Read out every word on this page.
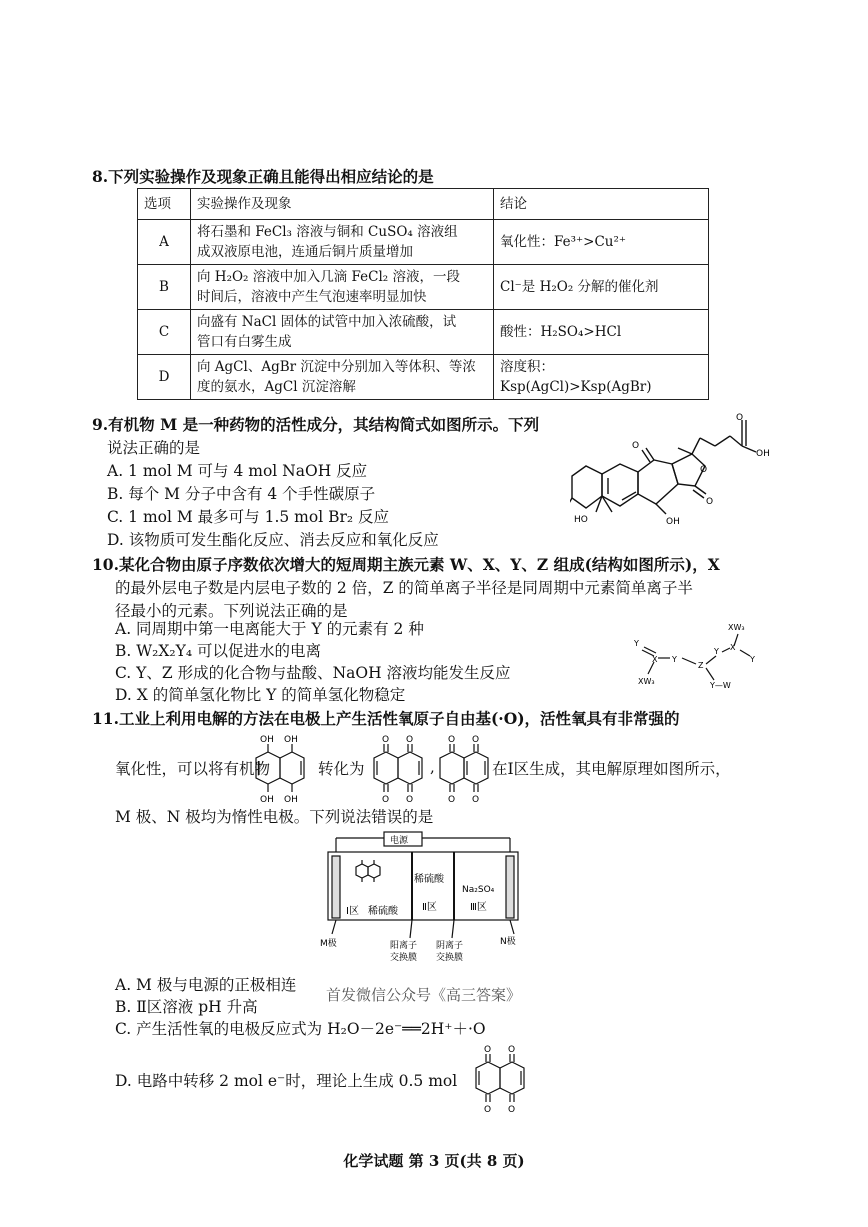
8.下列实验操作及现象正确且能得出相应结论的是
选项	实验操作及现象	结论
A	将石墨和 FeCl₃ 溶液与铜和 CuSO₄ 溶液组
成双液原电池，连通后铜片质量增加	氧化性：Fe³⁺>Cu²⁺
B	向 H₂O₂ 溶液中加入几滴 FeCl₂ 溶液，一段
时间后，溶液中产生气泡速率明显加快	Cl⁻是 H₂O₂ 分解的催化剂
C	向盛有 NaCl 固体的试管中加入浓硫酸，试
管口有白雾生成	酸性：H₂SO₄>HCl
D	向 AgCl、AgBr 沉淀中分别加入等体积、等浓
度的氨水，AgCl 沉淀溶解	溶度积：Ksp(AgCl)>Ksp(AgBr)
9.有机物 M 是一种药物的活性成分，其结构简式如图所示。下列
说法正确的是
A. 1 mol M 可与 4 mol NaOH 反应
B. 每个 M 分子中含有 4 个手性碳原子
C. 1 mol M 最多可与 1.5 mol Br₂ 反应
D. 该物质可发生酯化反应、消去反应和氧化反应
O
OH
O
O
O
HO	OH
10.某化合物由原子序数依次增大的短周期主族元素 W、X、Y、Z 组成(结构如图所示)，X
的最外层电子数是内层电子数的 2 倍，Z 的简单离子半径是同周期中元素简单离子半
径最小的元素。下列说法正确的是
A. 同周期中第一电离能大于 Y 的元素有 2 种
B. W₂X₂Y₄ 可以促进水的电离
C. Y、Z 形成的化合物与盐酸、NaOH 溶液均能发生反应
D. X 的简单氢化物比 Y 的简单氢化物稳定
XW₃
Y
X Y
Z
Y X
Y
XW₃	Y—W
11.工业上利用电解的方法在电极上产生活性氧原子自由基(·O)，活性氧具有非常强的
氧化性，可以将有机物	转化为	在Ⅰ区生成，其电解原理如图所示，
OH OH
OH OH
O O
O O
,
O O
O O
M 极、N 极均为惰性电极。下列说法错误的是
电源
稀硫酸
Ⅱ区
Na₂SO₄
Ⅲ区
Ⅰ区 稀硫酸
M极	N极
阳离子
交换膜
阴离子
交换膜
A. M 极与电源的正极相连
首发微信公众号《高三答案》
B. Ⅱ区溶液 pH 升高
C. 产生活性氧的电极反应式为 H₂O－2e⁻══2H⁺＋·O
D. 电路中转移 2 mol e⁻时，理论上生成 0.5 mol
O O
O O
化学试题 第 3 页(共 8 页)
